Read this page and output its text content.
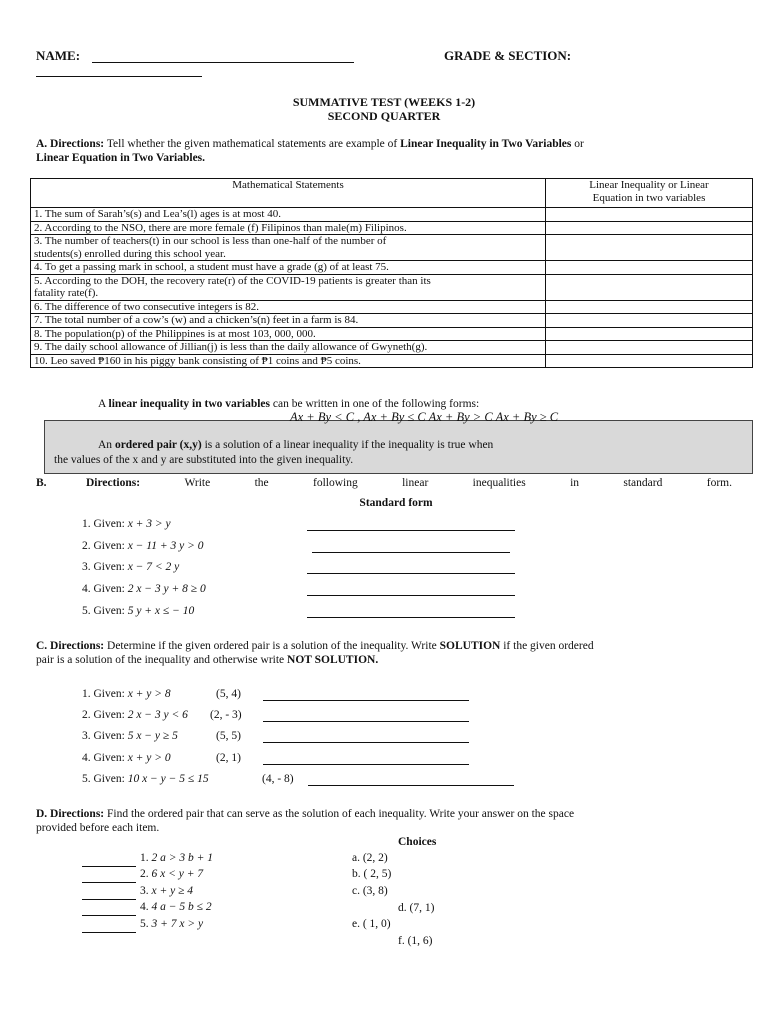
NAME:	GRADE & SECTION:
SUMMATIVE TEST (WEEKS 1-2)
SECOND QUARTER
A. Directions: Tell whether the given mathematical statements are example of Linear Inequality in Two Variables or
Linear Equation in Two Variables.
Mathematical Statements	Linear Inequality or Linear
Equation in two variables
1. The sum of Sarah’s(s) and Lea’s(l) ages is at most 40.	
2. According to the NSO, there are more female (f) Filipinos than male(m) Filipinos.	
3. The number of teachers(t) in our school is less than one-half of the number of
students(s) enrolled during this school year.	
4. To get a passing mark in school, a student must have a grade (g) of at least 75.	
5. According to the DOH, the recovery rate(r) of the COVID-19 patients is greater than its
fatality rate(f).	
6. The difference of two consecutive integers is 82.	
7. The total number of a cow’s (w) and a chicken’s(n) feet in a farm is 84.	
8. The population(p) of the Philippines is at most 103, 000, 000.	
9. The daily school allowance of Jillian(j) is less than the daily allowance of Gwyneth(g).	
10. Leo saved ₱160 in his piggy bank consisting of ₱1 coins and ₱5 coins.	
A linear inequality in two variables can be written in one of the following forms:
Ax + By < C , Ax + By ≤ C Ax + By > C Ax + By ≥ C
An ordered pair (x,y) is a solution of a linear inequality if the inequality is true when
the values of the x and y are substituted into the given inequality.
B.	Directions:	Write	the	following	linear	inequalities	in	standard	form.
Standard form
1. Given: x + 3 > y
2. Given: x − 11 + 3 y > 0
3. Given: x − 7 < 2 y
4. Given: 2 x − 3 y + 8 ≥ 0
5. Given: 5 y + x ≤ − 10
C. Directions: Determine if the given ordered pair is a solution of the inequality. Write SOLUTION if the given ordered
pair is a solution of the inequality and otherwise write NOT SOLUTION.
1. Given: x + y > 8	(5, 4)
2. Given: 2 x − 3 y < 6 (2, - 3)
3. Given: 5 x − y ≥ 5	(5, 5)
4. Given: x + y > 0	(2, 1)
5. Given: 10 x − y − 5 ≤ 15	(4, - 8)
D. Directions: Find the ordered pair that can serve as the solution of each inequality. Write your answer on the space
provided before each item.
Choices
1. 2 a > 3 b + 1
2. 6 x < y + 7
3. x + y ≥ 4
4. 4 a − 5 b ≤ 2
5. 3 + 7 x > y
a. (2, 2)
b. ( 2, 5)
c. (3, 8)
d. (7, 1)
e. ( 1, 0)
f. (1, 6)
